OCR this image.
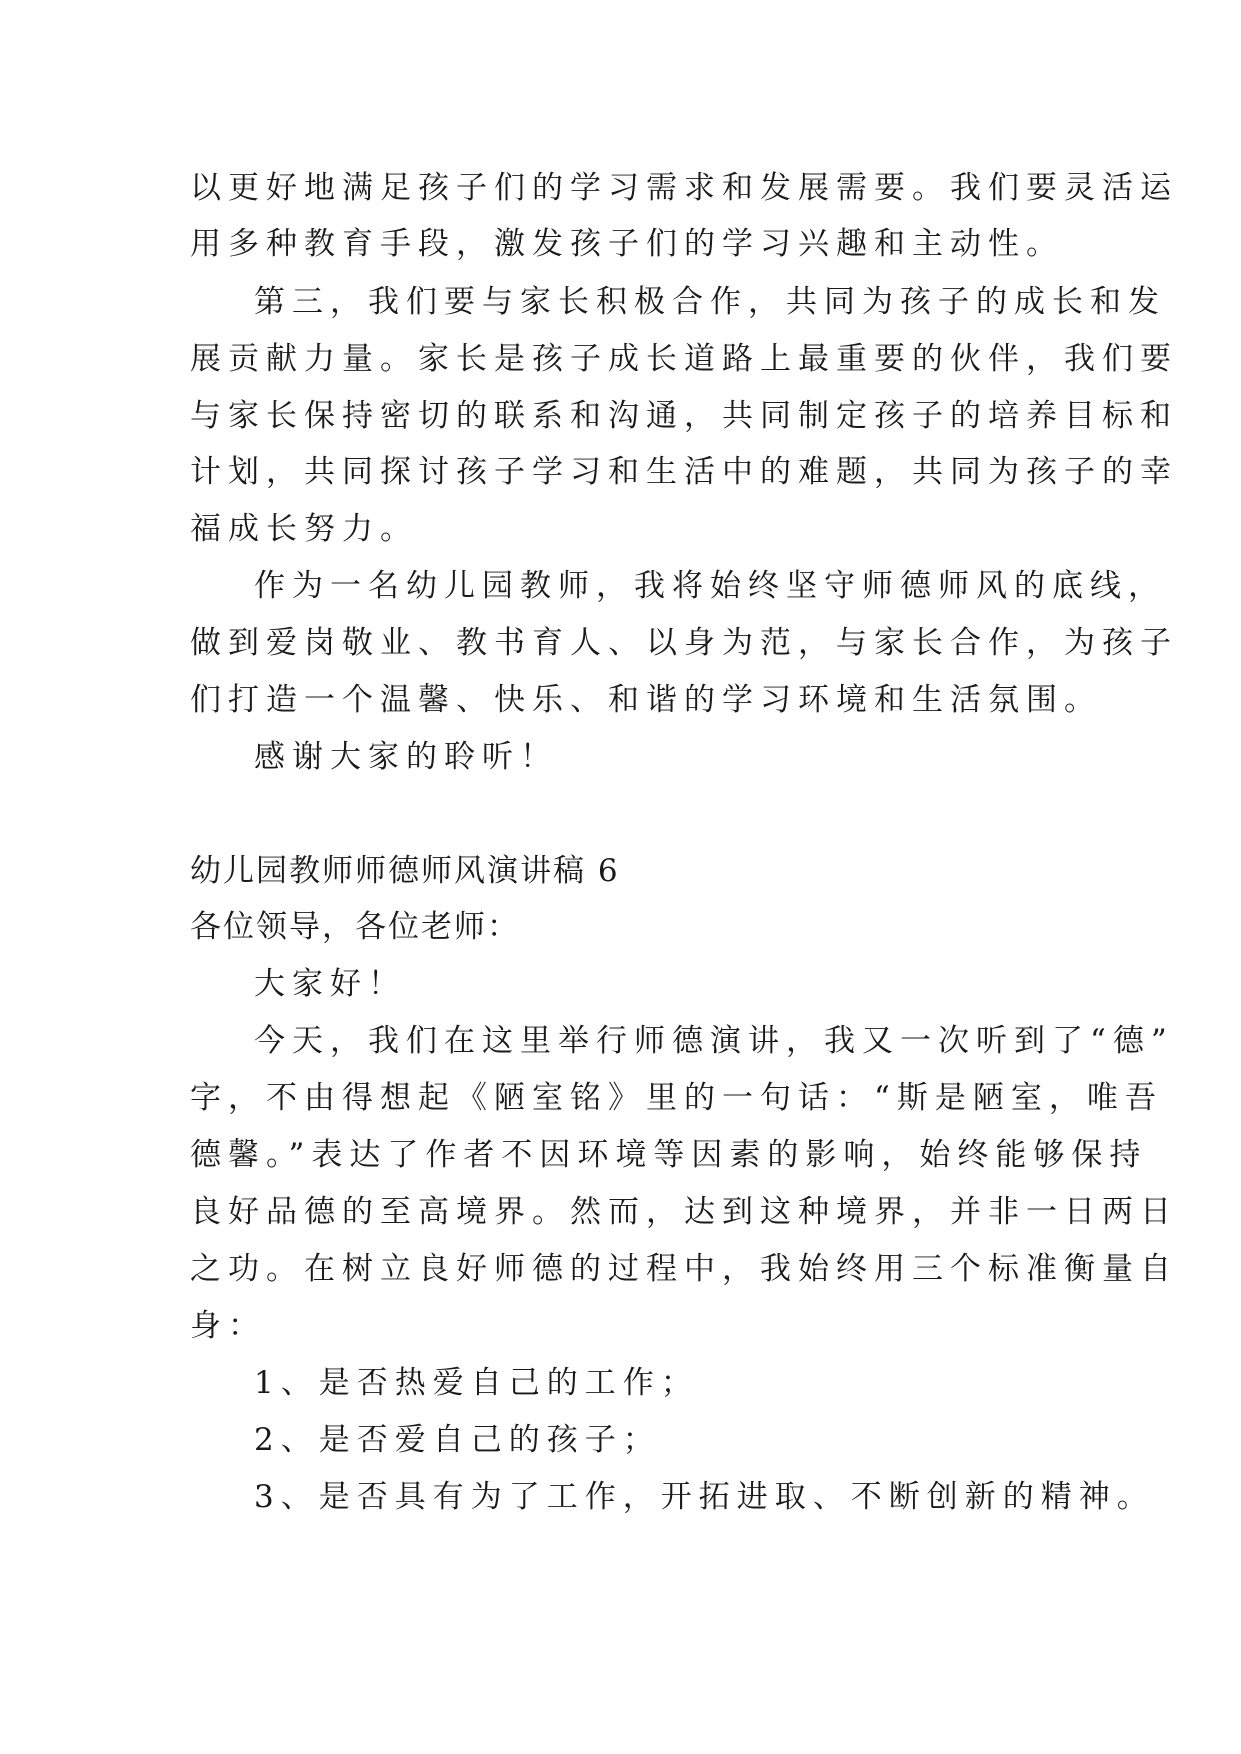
以更好地满足孩子们的学习需求和发展需要。我们要灵活运
用多种教育手段，激发孩子们的学习兴趣和主动性。
第三，我们要与家长积极合作，共同为孩子的成长和发
展贡献力量。家长是孩子成长道路上最重要的伙伴，我们要
与家长保持密切的联系和沟通，共同制定孩子的培养目标和
计划，共同探讨孩子学习和生活中的难题，共同为孩子的幸
福成长努力。
作为一名幼儿园教师，我将始终坚守师德师风的底线，
做到爱岗敬业、教书育人、以身为范，与家长合作，为孩子
们打造一个温馨、快乐、和谐的学习环境和生活氛围。
感谢大家的聆听！
幼儿园教师师德师风演讲稿 6
各位领导，各位老师：
大家好！
今天，我们在这里举行师德演讲，我又一次听到了“德”
字，不由得想起《陋室铭》里的一句话：“斯是陋室，唯吾
德馨。”表达了作者不因环境等因素的影响，始终能够保持
良好品德的至高境界。然而，达到这种境界，并非一日两日
之功。在树立良好师德的过程中，我始终用三个标准衡量自
身：
1、是否热爱自己的工作；
2、是否爱自己的孩子；
3、是否具有为了工作，开拓进取、不断创新的精神。
